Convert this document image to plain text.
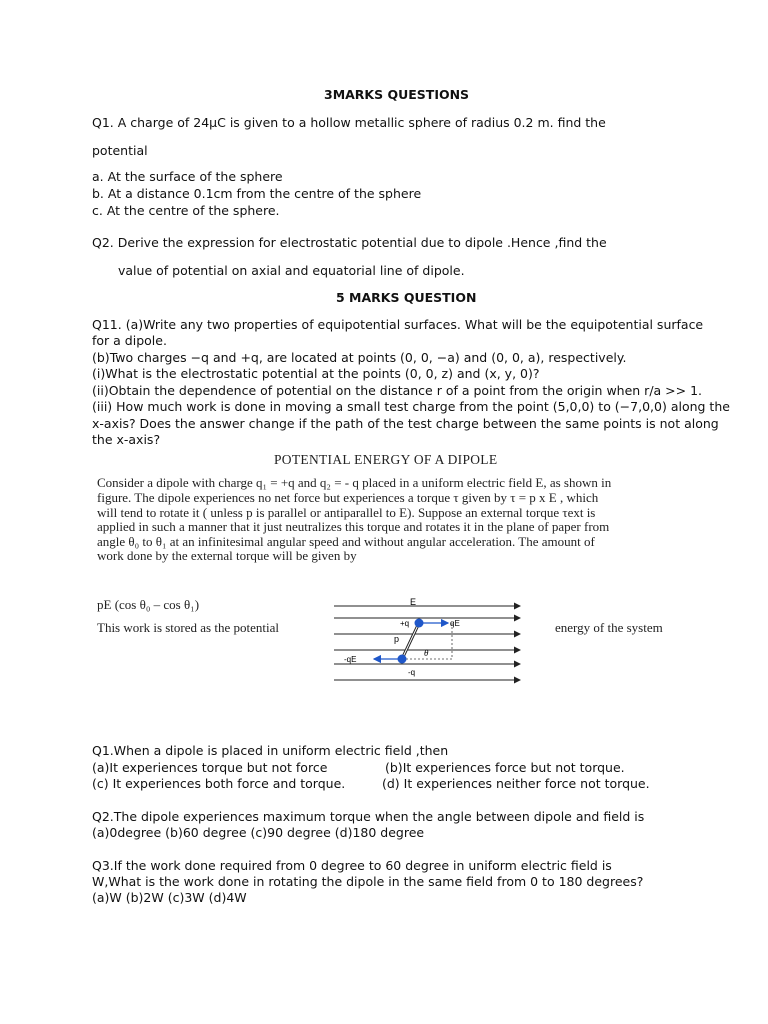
3MARKS QUESTIONS

Q1. A charge of 24μC is given to a hollow metallic sphere of radius 0.2 m. find the

potential

a. At the surface of the sphere

b. At a distance 0.1cm from the centre of the sphere

c. At the centre of the sphere.

Q2. Derive the expression for electrostatic potential due to dipole .Hence ,find the

value of potential on axial and equatorial line of dipole.

5 MARKS QUESTION

Q11. (a)Write any two properties of equipotential surfaces. What will be the equipotential surface

for a dipole.

(b)Two charges −q and +q, are located at points (0, 0, −a) and (0, 0, a), respectively.

(i)What is the electrostatic potential at the points (0, 0, z) and (x, y, 0)?

(ii)Obtain the dependence of potential on the distance r of a point from the origin when r/a >> 1.

(iii) How much work is done in moving a small test charge from the point (5,0,0) to (−7,0,0) along the

x-axis? Does the answer change if the path of the test charge between the same points is not along

the x-axis?

POTENTIAL ENERGY OF A DIPOLE

Consider a dipole with charge q₁ = +q and q₂ = - q placed in a uniform electric field E, as shown in

figure. The dipole experiences no net force but experiences a torque τ given by τ = p x E , which

will tend to rotate it ( unless p is parallel or antiparallel to E). Suppose an external torque τext is

applied in such a manner that it just neutralizes this torque and rotates it in the plane of paper from

angle θ₀ to θ₁ at an infinitesimal angular speed and without angular acceleration. The amount of

work done by the external torque will be given by

pE (cos θ₀ – cos θ₁)

This work is stored as the potential	energy of the system

E
+q	qE
p
θ
-qE
-q

Q1.When a dipole is placed in uniform electric field ,then

(a)It experiences torque but not force	(b)It experiences force but not torque.

(c) It experiences both force and torque.	(d) It experiences neither force not torque.

Q2.The dipole experiences maximum torque when the angle between dipole and field is

(a)0degree (b)60 degree (c)90 degree (d)180 degree

Q3.If the work done required from 0 degree to 60 degree in uniform electric field is

W,What is the work done in rotating the dipole in the same field from 0 to 180 degrees?

(a)W (b)2W (c)3W (d)4W
